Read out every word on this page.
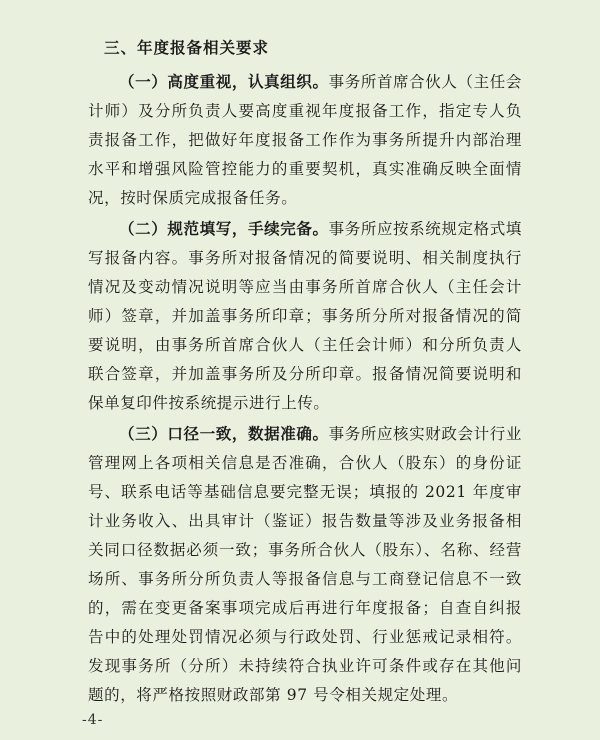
三、年度报备相关要求

（一）高度重视，认真组织。事务所首席合伙人（主任会计师）及分所负责人要高度重视年度报备工作，指定专人负责报备工作，把做好年度报备工作作为事务所提升内部治理水平和增强风险管控能力的重要契机，真实准确反映全面情况，按时保质完成报备任务。

（二）规范填写，手续完备。事务所应按系统规定格式填写报备内容。事务所对报备情况的简要说明、相关制度执行情况及变动情况说明等应当由事务所首席合伙人（主任会计师）签章，并加盖事务所印章；事务所分所对报备情况的简要说明，由事务所首席合伙人（主任会计师）和分所负责人联合签章，并加盖事务所及分所印章。报备情况简要说明和保单复印件按系统提示进行上传。

（三）口径一致，数据准确。事务所应核实财政会计行业管理网上各项相关信息是否准确，合伙人（股东）的身份证号、联系电话等基础信息要完整无误；填报的 2021 年度审计业务收入、出具审计（鉴证）报告数量等涉及业务报备相关同口径数据必须一致；事务所合伙人（股东）、名称、经营场所、事务所分所负责人等报备信息与工商登记信息不一致的，需在变更备案事项完成后再进行年度报备；自查自纠报告中的处理处罚情况必须与行政处罚、行业惩戒记录相符。发现事务所（分所）未持续符合执业许可条件或存在其他问题的，将严格按照财政部第 97 号令相关规定处理。

-4-
